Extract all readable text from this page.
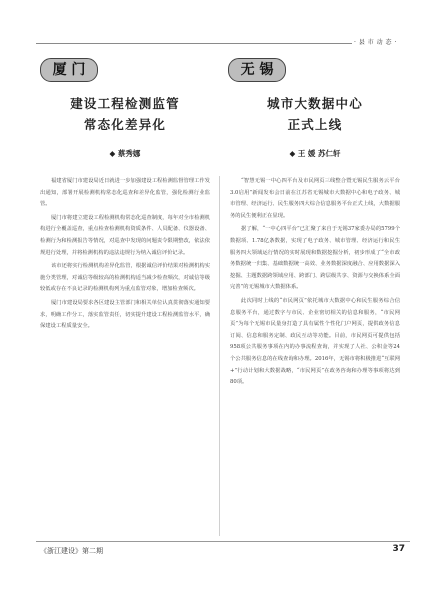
· 县 市 动 态 ·
厦 门	无 锡
建设工程检测监管
常态化差异化
城市大数据中心
正式上线
◆ 蔡秀娜	◆ 王 媛 苏仁轩

福建省厦门市建设局近日就进一步加强建设工程检测监督管理工作发出通知，部署开展检测机构常态化巡查和差异化监管，强化检测行业监管。

厦门市将建立建设工程检测机构常态化巡查制度，每年对全市检测机构进行全覆盖巡查，重点检查检测机构资质条件、人员配备、仪器设备、检测行为和检测报告等情况，对巡查中发现的问题责令限期整改，依法依规进行处理，并将检测机构的违法违规行为纳入诚信评价记录。

该市还将实行检测机构差异化监管，根据诚信评价结果对检测机构实施分类管理，对诚信等级较高的检测机构适当减少检查频次，对诚信等级较低或存在不良记录的检测机构列为重点监管对象，增加检查频次。

厦门市建设局要求各区建设主管部门和相关单位认真贯彻落实通知要求，明确工作分工，落实监管责任，切实提升建设工程检测监管水平，确保建设工程质量安全。

“智慧无锡一中心四平台及市民网页三线整合暨无锡民生服务云平台3.0启用”新闻发布会日前在江苏省无锡城市大数据中心和电子政务、城市管理、经济运行、民生服务四大综合信息服务平台正式上线，大数据服务的民生便利正在显现。

据了解，“一中心四平台”已汇聚了来自于无锡37家委办局的5799个数据项、1.78亿条数据，实现了电子政务、城市管理、经济运行和民生服务四大领域运行情况的实时展现和数据挖掘分析，初步形成了“全市政务数据统一归集、基础数据统一高效、业务数据深度融合、应用数据深入挖掘、主题数据跨领域应用、跨部门、跨层级共享、资源与交换体系全面完善”的无锡城市大数据体系。

此次同时上线的“市民网页”依托城市大数据中心和民生服务综合信息服务平台，通过数字与市民、企业密切相关的信息和服务，“市民网页”为每个无锡市民量身打造了具有属性个性化门户网页，提供政务信息订阅、信息和服务定制、政民互动等功能。目前，市民网页可提供包括958项公共服务事项在内的办事流程查询，并实现了人社、公积金等24个公共服务信息的在线查询和办理。2016年，无锡市将积极推进“互联网+”行动计划和大数据战略，“市民网页”在政务咨询和办理等事项将达到80项。

《浙江建设》第二期	37
